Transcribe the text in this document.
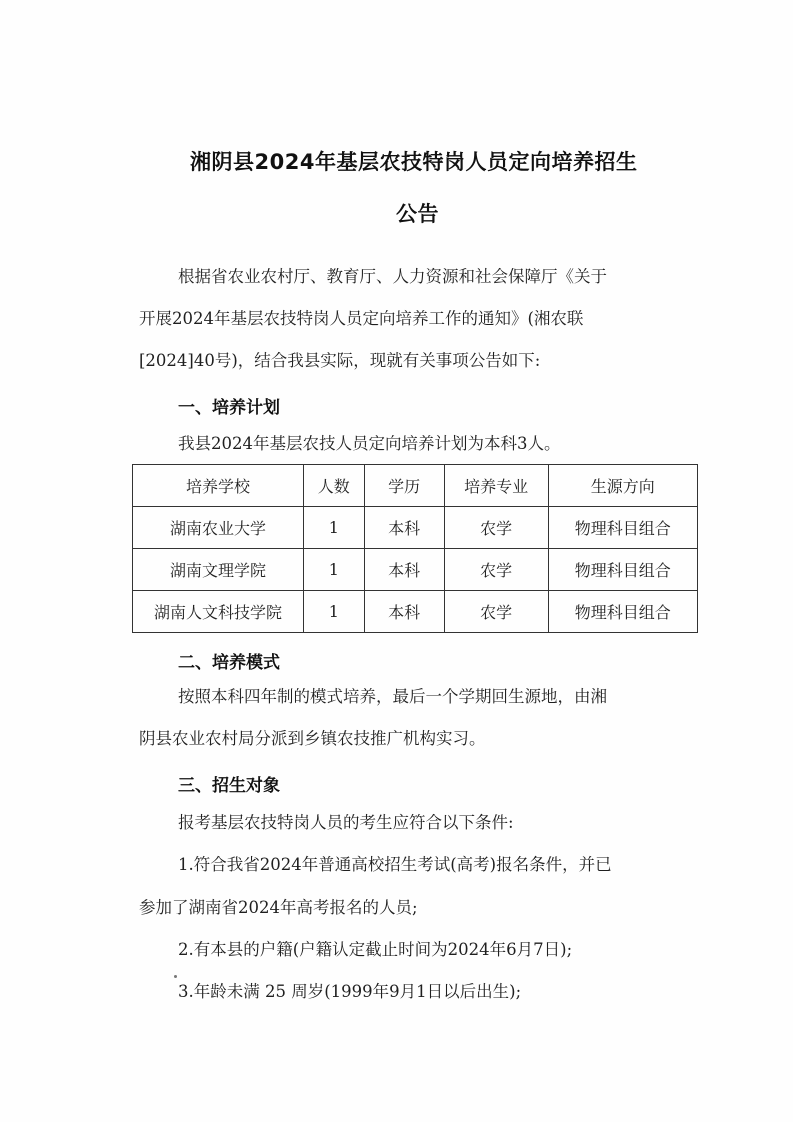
湘阴县2024年基层农技特岗人员定向培养招生
公告
根据省农业农村厅、教育厅、人力资源和社会保障厅《关于
开展2024年基层农技特岗人员定向培养工作的通知》(湘农联
[2024]40号)，结合我县实际，现就有关事项公告如下:
一、培养计划
我县2024年基层农技人员定向培养计划为本科3人。
培养学校	人数	学历	培养专业	生源方向
湖南农业大学	1	本科	农学	物理科目组合
湖南文理学院	1	本科	农学	物理科目组合
湖南人文科技学院	1	本科	农学	物理科目组合
二、培养模式
按照本科四年制的模式培养，最后一个学期回生源地，由湘
阴县农业农村局分派到乡镇农技推广机构实习。
三、招生对象
报考基层农技特岗人员的考生应符合以下条件:
1.符合我省2024年普通高校招生考试(高考)报名条件，并已
参加了湖南省2024年高考报名的人员;
2.有本县的户籍(户籍认定截止时间为2024年6月7日);
3.年龄未满 25 周岁(1999年9月1日以后出生);
